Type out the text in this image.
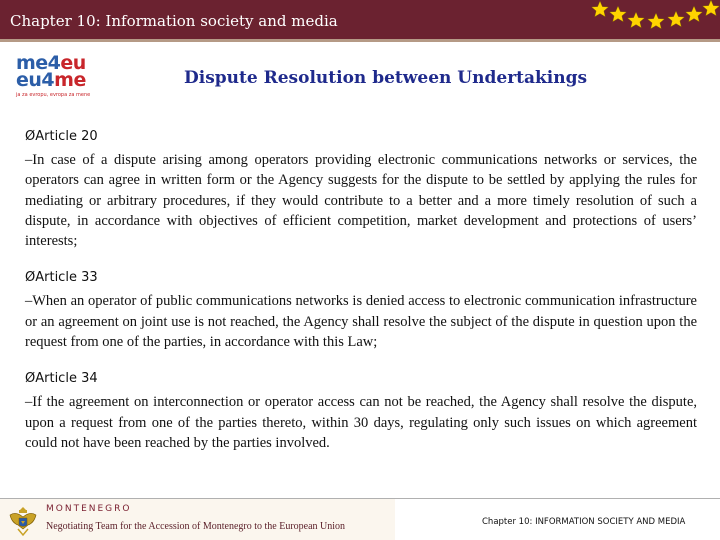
Chapter 10: Information society and media
me4eu
eu4me
ja za evropu, evropa za mene
Dispute Resolution between Undertakings
ØArticle 20
–In case of a dispute arising among operators providing electronic communications networks or services, the operators can agree in written form or the Agency suggests for the dispute to be settled by applying the rules for mediating or arbitrary procedures, if they would contribute to a better and a more timely resolution of such a dispute, in accordance with objectives of efficient competition, market development and protections of users’ interests;
ØArticle 33
–When an operator of public communications networks is denied access to electronic communication infrastructure or an agreement on joint use is not reached, the Agency shall resolve the subject of the dispute in question upon the request from one of the parties, in accordance with this Law;
ØArticle 34
–If the agreement on interconnection or operator access can not be reached, the Agency shall resolve the dispute, upon a request from one of the parties thereto, within 30 days, regulating only such issues on which agreement could not have been reached by the parties involved.
MONTENEGRO
Negotiating Team for the Accession of Montenegro to the European Union	Chapter 10: INFORMATION SOCIETY AND MEDIA
